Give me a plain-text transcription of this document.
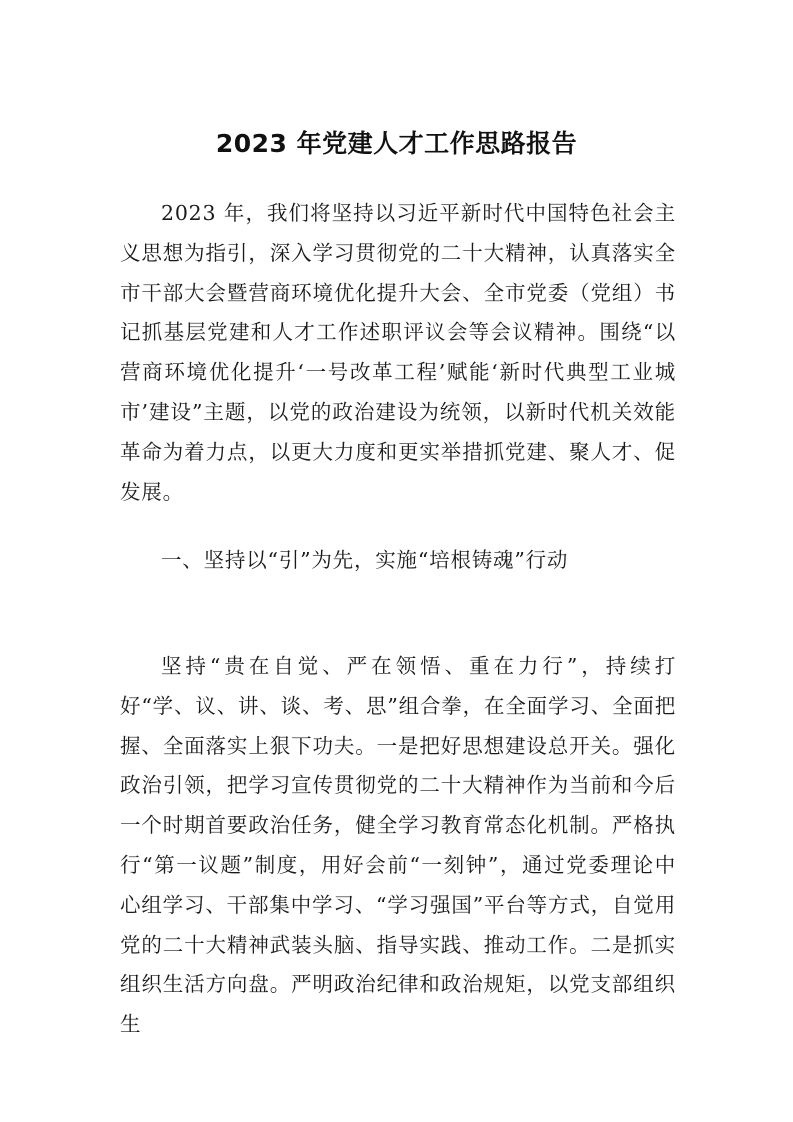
2023 年党建人才工作思路报告

2023 年，我们将坚持以习近平新时代中国特色社会主义思想为指引，深入学习贯彻党的二十大精神，认真落实全市干部大会暨营商环境优化提升大会、全市党委（党组）书记抓基层党建和人才工作述职评议会等会议精神。围绕“以营商环境优化提升‘一号改革工程’赋能‘新时代典型工业城市’建设”主题，以党的政治建设为统领，以新时代机关效能革命为着力点，以更大力度和更实举措抓党建、聚人才、促发展。

一、坚持以“引”为先，实施“培根铸魂”行动

坚持“贵在自觉、严在领悟、重在力行”，持续打好“学、议、讲、谈、考、思”组合拳，在全面学习、全面把握、全面落实上狠下功夫。一是把好思想建设总开关。强化政治引领，把学习宣传贯彻党的二十大精神作为当前和今后一个时期首要政治任务，健全学习教育常态化机制。严格执行“第一议题”制度，用好会前“一刻钟”，通过党委理论中心组学习、干部集中学习、“学习强国”平台等方式，自觉用党的二十大精神武装头脑、指导实践、推动工作。二是抓实组织生活方向盘。严明政治纪律和政治规矩，以党支部组织生
